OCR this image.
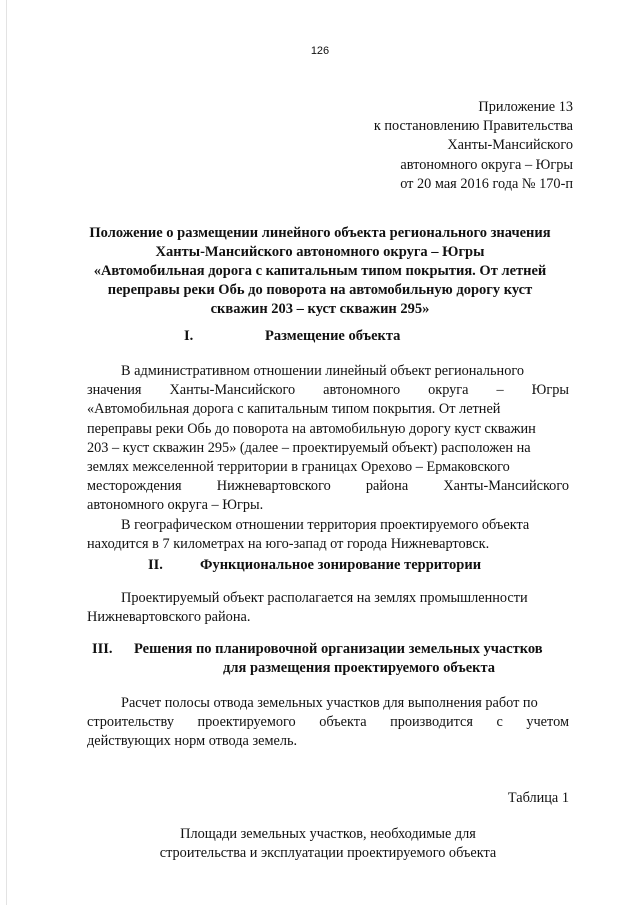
126
Приложение 13
к постановлению Правительства
Ханты-Мансийского
автономного округа – Югры
от 20 мая 2016 года № 170-п
Положение о размещении линейного объекта регионального значения
Ханты-Мансийского автономного округа – Югры
«Автомобильная дорога с капитальным типом покрытия. От летней
переправы реки Обь до поворота на автомобильную дорогу куст
скважин 203 – куст скважин 295»
I.	Размещение объекта
В административном отношении линейный объект регионального
значения Ханты-Мансийского автономного округа – Югры
«Автомобильная дорога с капитальным типом покрытия. От летней
переправы реки Обь до поворота на автомобильную дорогу куст скважин
203 – куст скважин 295» (далее – проектируемый объект) расположен на
землях межселенной территории в границах Орехово – Ермаковского
месторождения Нижневартовского района Ханты-Мансийского
автономного округа – Югры.
В географическом отношении территория проектируемого объекта
находится в 7 километрах на юго-запад от города Нижневартовск.
II.	Функциональное зонирование территории
Проектируемый объект располагается на землях промышленности
Нижневартовского района.
III. Решения по планировочной организации земельных участков
для размещения проектируемого объекта
Расчет полосы отвода земельных участков для выполнения работ по
строительству проектируемого объекта производится с учетом
действующих норм отвода земель.
Таблица 1
Площади земельных участков, необходимые для
строительства и эксплуатации проектируемого объекта
